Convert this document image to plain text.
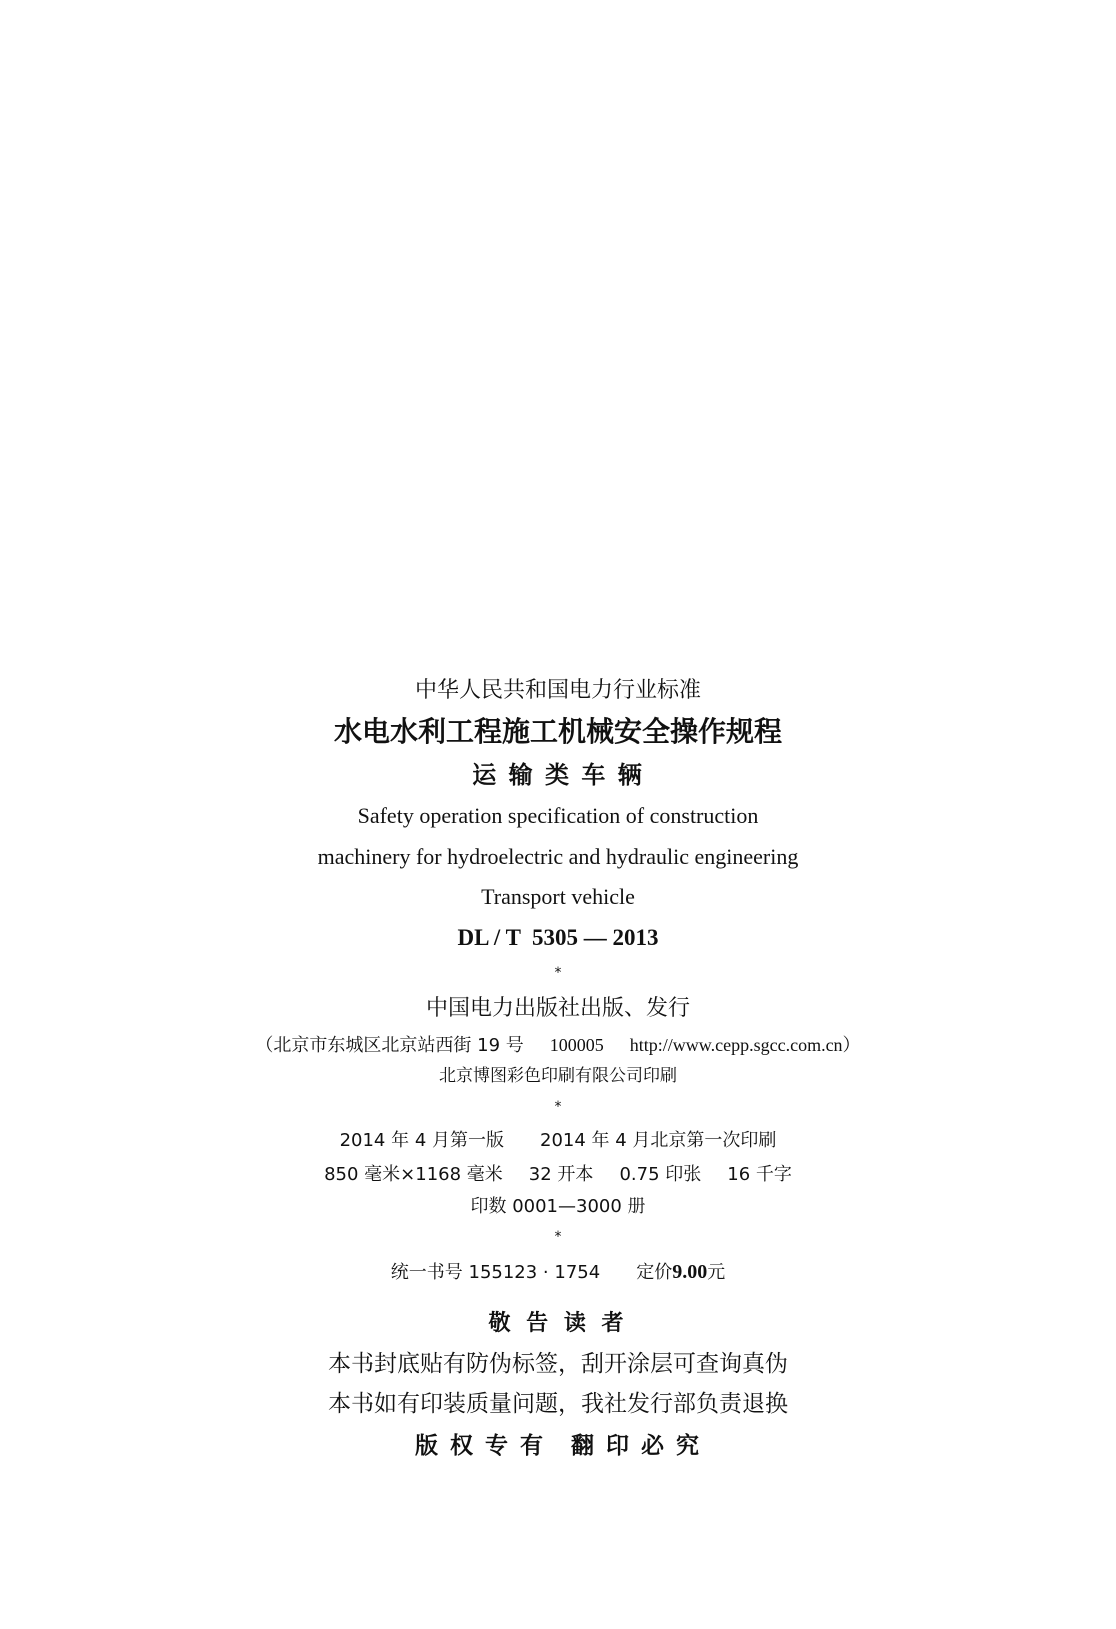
中华人民共和国电力行业标准
水电水利工程施工机械安全操作规程
运 输 类 车 辆
Safety operation specification of construction
machinery for hydroelectric and hydraulic engineering
Transport vehicle
DL / T  5305 — 2013
*
中国电力出版社出版、发行
（北京市东城区北京站西街 19 号 100005 http://www.cepp.sgcc.com.cn）
北京博图彩色印刷有限公司印刷
*
2014 年 4 月第一版 2014 年 4 月北京第一次印刷
850 毫米×1168 毫米 32 开本 0.75 印张 16 千字
印数 0001—3000 册
*
统一书号 155123 · 1754 定价9.00元
敬 告 读 者
本书封底贴有防伪标签，刮开涂层可查询真伪
本书如有印装质量问题，我社发行部负责退换
版 权 专 有 翻 印 必 究
